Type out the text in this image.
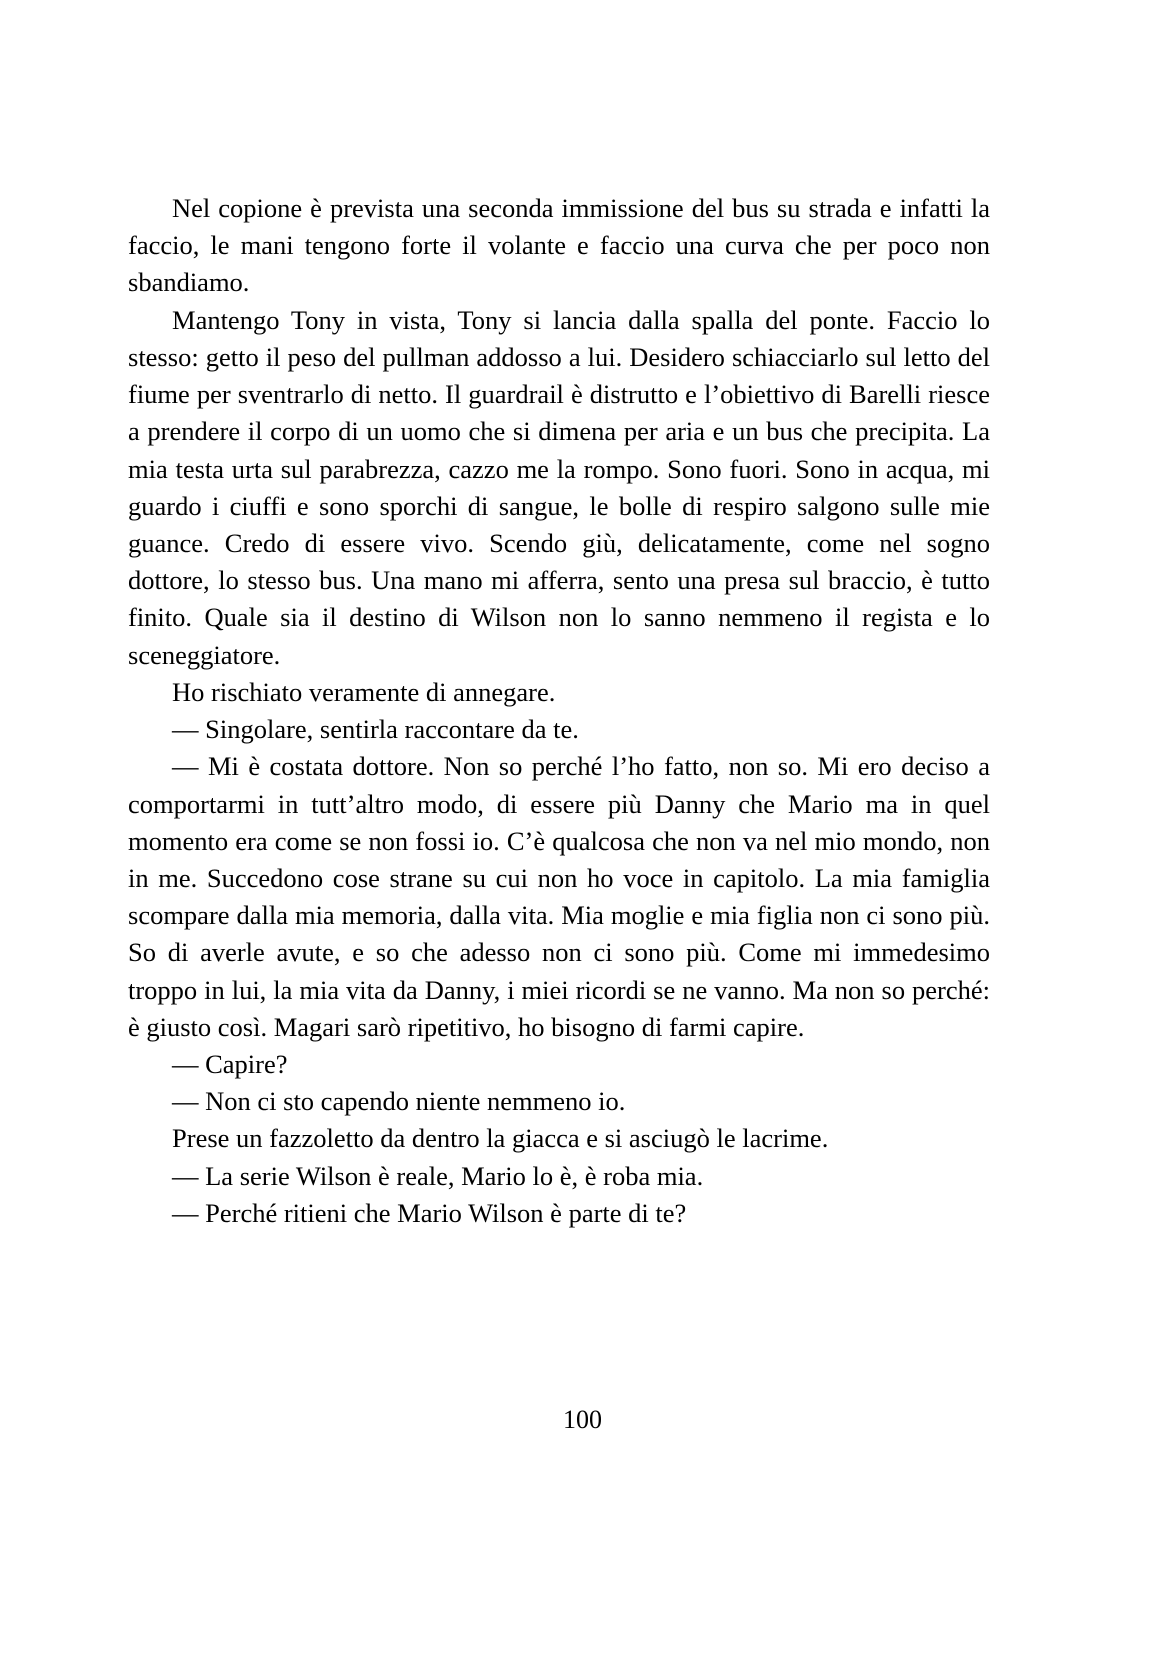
Nel copione è prevista una seconda immissione del bus su strada e infatti la faccio, le mani tengono forte il volante e faccio una curva che per poco non sbandiamo.

Mantengo Tony in vista, Tony si lancia dalla spalla del ponte. Faccio lo stesso: getto il peso del pullman addosso a lui. Desidero schiacciarlo sul letto del fiume per sventrarlo di netto. Il guardrail è distrutto e l’obiettivo di Barelli riesce a prendere il corpo di un uomo che si dimena per aria e un bus che precipita. La mia testa urta sul parabrezza, cazzo me la rompo. Sono fuori. Sono in acqua, mi guardo i ciuffi e sono sporchi di sangue, le bolle di respiro salgono sulle mie guance. Credo di essere vivo. Scendo giù, delicatamente, come nel sogno dottore, lo stesso bus. Una mano mi afferra, sento una presa sul braccio, è tutto finito. Quale sia il destino di Wilson non lo sanno nemmeno il regista e lo sceneggiatore.

Ho rischiato veramente di annegare.

— Singolare, sentirla raccontare da te.

— Mi è costata dottore. Non so perché l’ho fatto, non so. Mi ero deciso a comportarmi in tutt’altro modo, di essere più Danny che Mario ma in quel momento era come se non fossi io. C’è qualcosa che non va nel mio mondo, non in me. Succedono cose strane su cui non ho voce in capitolo. La mia famiglia scompare dalla mia memoria, dalla vita. Mia moglie e mia figlia non ci sono più. So di averle avute, e so che adesso non ci sono più. Come mi immedesimo troppo in lui, la mia vita da Danny, i miei ricordi se ne vanno. Ma non so perché: è giusto così. Magari sarò ripetitivo, ho bisogno di farmi capire.

— Capire?

— Non ci sto capendo niente nemmeno io.

Prese un fazzoletto da dentro la giacca e si asciugò le lacrime.

— La serie Wilson è reale, Mario lo è, è roba mia.

— Perché ritieni che Mario Wilson è parte di te?

100
